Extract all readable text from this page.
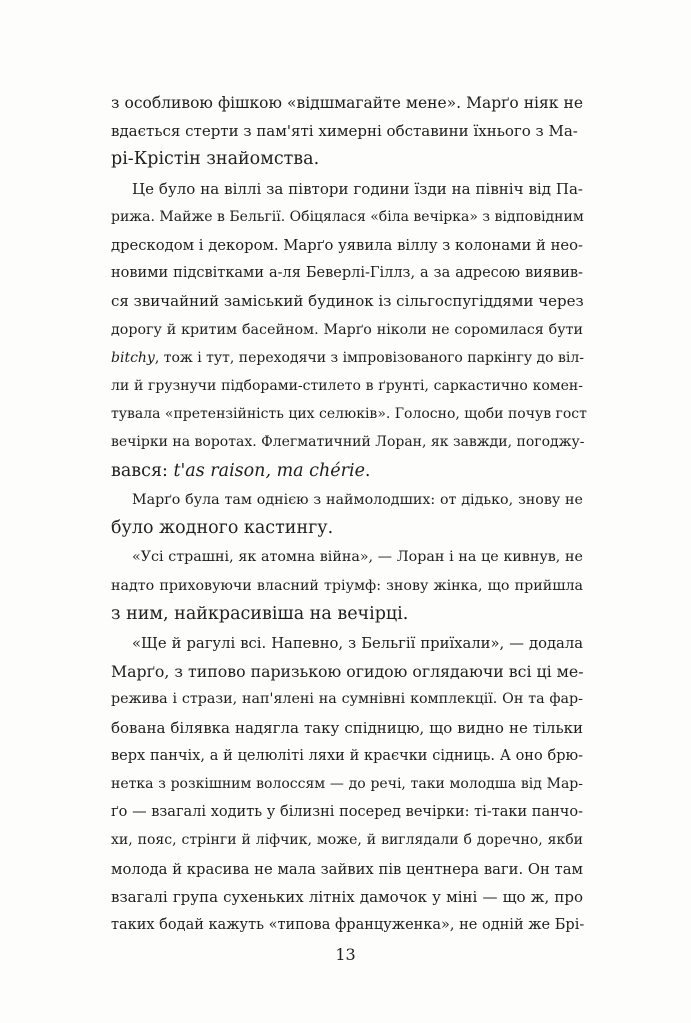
з особливою фішкою «відшмагайте мене». Марґо ніяк не
вдається стерти з пам'яті химерні обставини їхнього з Ма-
рі-Крістін знайомства.
Це було на віллі за півтори години їзди на північ від Па-
рижа. Майже в Бельгії. Обіцялася «біла вечірка» з відповідним
дрескодом і декором. Марґо уявила віллу з колонами й нео-
новими підсвітками а-ля Беверлі-Гіллз, а за адресою виявив-
ся звичайний заміський будинок із сільгоспугіддями через
дорогу й критим басейном. Марґо ніколи не соромилася бути
bitchy, тож і тут, переходячи з імпровізованого паркінгу до віл-
ли й грузнучи підборами-стилето в ґрунті, саркастично комен-
тувала «претензійність цих селюків». Голосно, щоби почув гост
вечірки на воротах. Флегматичний Лоран, як завжди, погоджу-
вався: t'as raison, ma chérie.
Марґо була там однією з наймолодших: от дідько, знову не
було жодного кастингу.
«Усі страшні, як атомна війна», — Лоран і на це кивнув, не
надто приховуючи власний тріумф: знову жінка, що прийшла
з ним, найкрасивіша на вечірці.
«Ще й рагулі всі. Напевно, з Бельгії приїхали», — додала
Марґо, з типово паризькою огидою оглядаючи всі ці ме-
режива і стрази, нап'ялені на сумнівні комплекції. Он та фар-
бована білявка надягла таку спідницю, що видно не тільки
верх панчіх, а й целюліті ляхи й краєчки сідниць. А оно брю-
нетка з розкішним волоссям — до речі, таки молодша від Мар-
ґо — взагалі ходить у білизні посеред вечірки: ті-таки панчо-
хи, пояс, стрінги й ліфчик, може, й виглядали б доречно, якби
молода й красива не мала зайвих пів центнера ваги. Он там
взагалі група сухеньких літніх дамочок у міні — що ж, про
таких бодай кажуть «типова француженка», не одній же Брі-
13
